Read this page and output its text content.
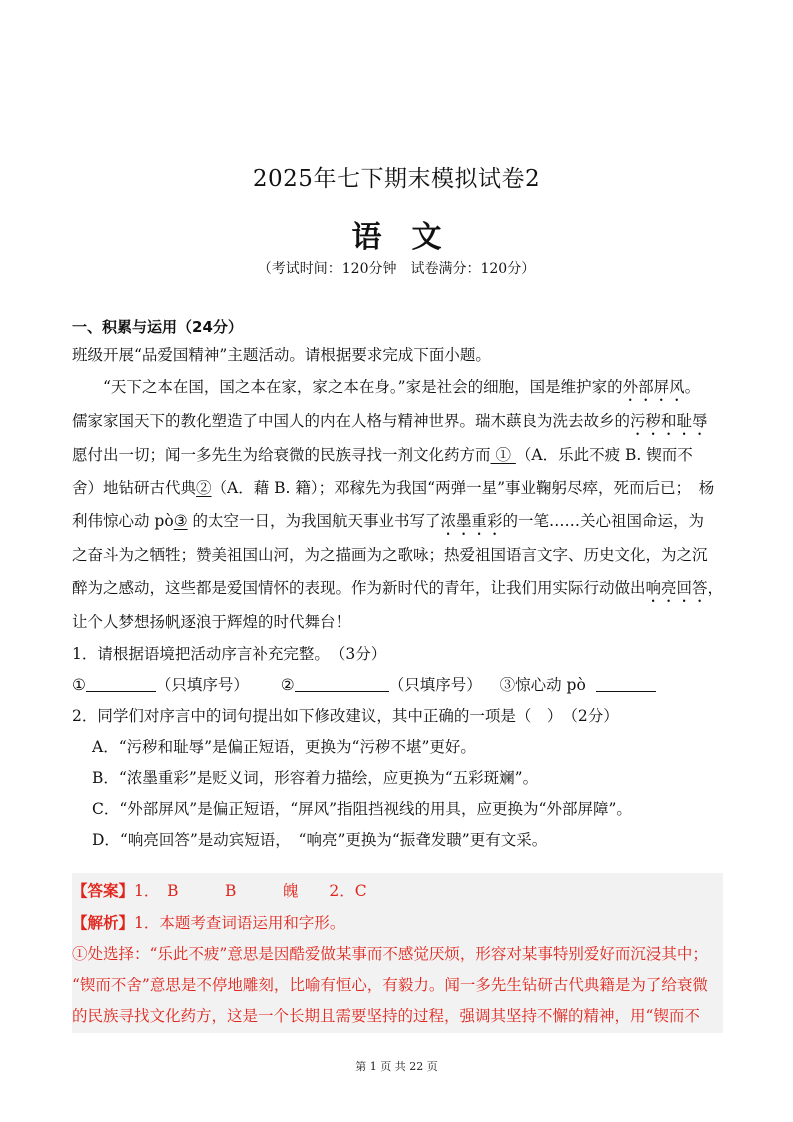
2025年七下期末模拟试卷2
语文
（考试时间：120分钟　试卷满分：120分）

一、积累与运用（24分）

班级开展“品爱国精神”主题活动。请根据要求完成下面小题。

“天下之本在国，国之本在家，家之本在身。”家是社会的细胞，国是维护家的外部屏风。
儒家家国天下的教化塑造了中国人的内在人格与精神世界。瑞木蕻良为洗去故乡的污秽和耻辱
愿付出一切；闻一多先生为给衰微的民族寻找一剂文化药方而 ① （A．乐此不疲 B. 锲而不
舍）地钻研古代典②（A．藉 B. 籍）；邓稼先为我国“两弹一星”事业鞠躬尽瘁，死而后已；　杨
利伟惊心动 pò③ 的太空一日，为我国航天事业书写了浓墨重彩的一笔……关心祖国命运，为
之奋斗为之牺牲；赞美祖国山河，为之描画为之歌咏；热爱祖国语言文字、历史文化，为之沉
醉为之感动，这些都是爱国情怀的表现。作为新时代的青年，让我们用实际行动做出响亮回答，
让个人梦想扬帆逐浪于辉煌的时代舞台！

1．请根据语境把活动序言补充完整。　（3分）

①	（只填序号） ②	（只填序号） ③惊心动 pò

2．同学们对序言中的词句提出如下修改建议，其中正确的一项是（　）　（2分）

A．“污秽和耻辱”是偏正短语，更换为“污秽不堪”更好。

B．“浓墨重彩”是贬义词，形容着力描绘，应更换为“五彩斑斓”。

C．“外部屏风”是偏正短语，“屏风”指阻挡视线的用具，应更换为“外部屏障”。

D．“响亮回答”是动宾短语，　“响亮”更换为“振聋发聩”更有文采。

【答案】1．　B　　　B　　　魄　　2．C

【解析】1．本题考查词语运用和字形。

①处选择：“乐此不疲”意思是因酷爱做某事而不感觉厌烦，形容对某事特别爱好而沉浸其中；

“锲而不舍”意思是不停地雕刻，比喻有恒心，有毅力。闻一多先生钻研古代典籍是为了给衰微

的民族寻找文化药方，这是一个长期且需要坚持的过程，强调其坚持不懈的精神，用“锲而不

第 1 页 共 22 页
